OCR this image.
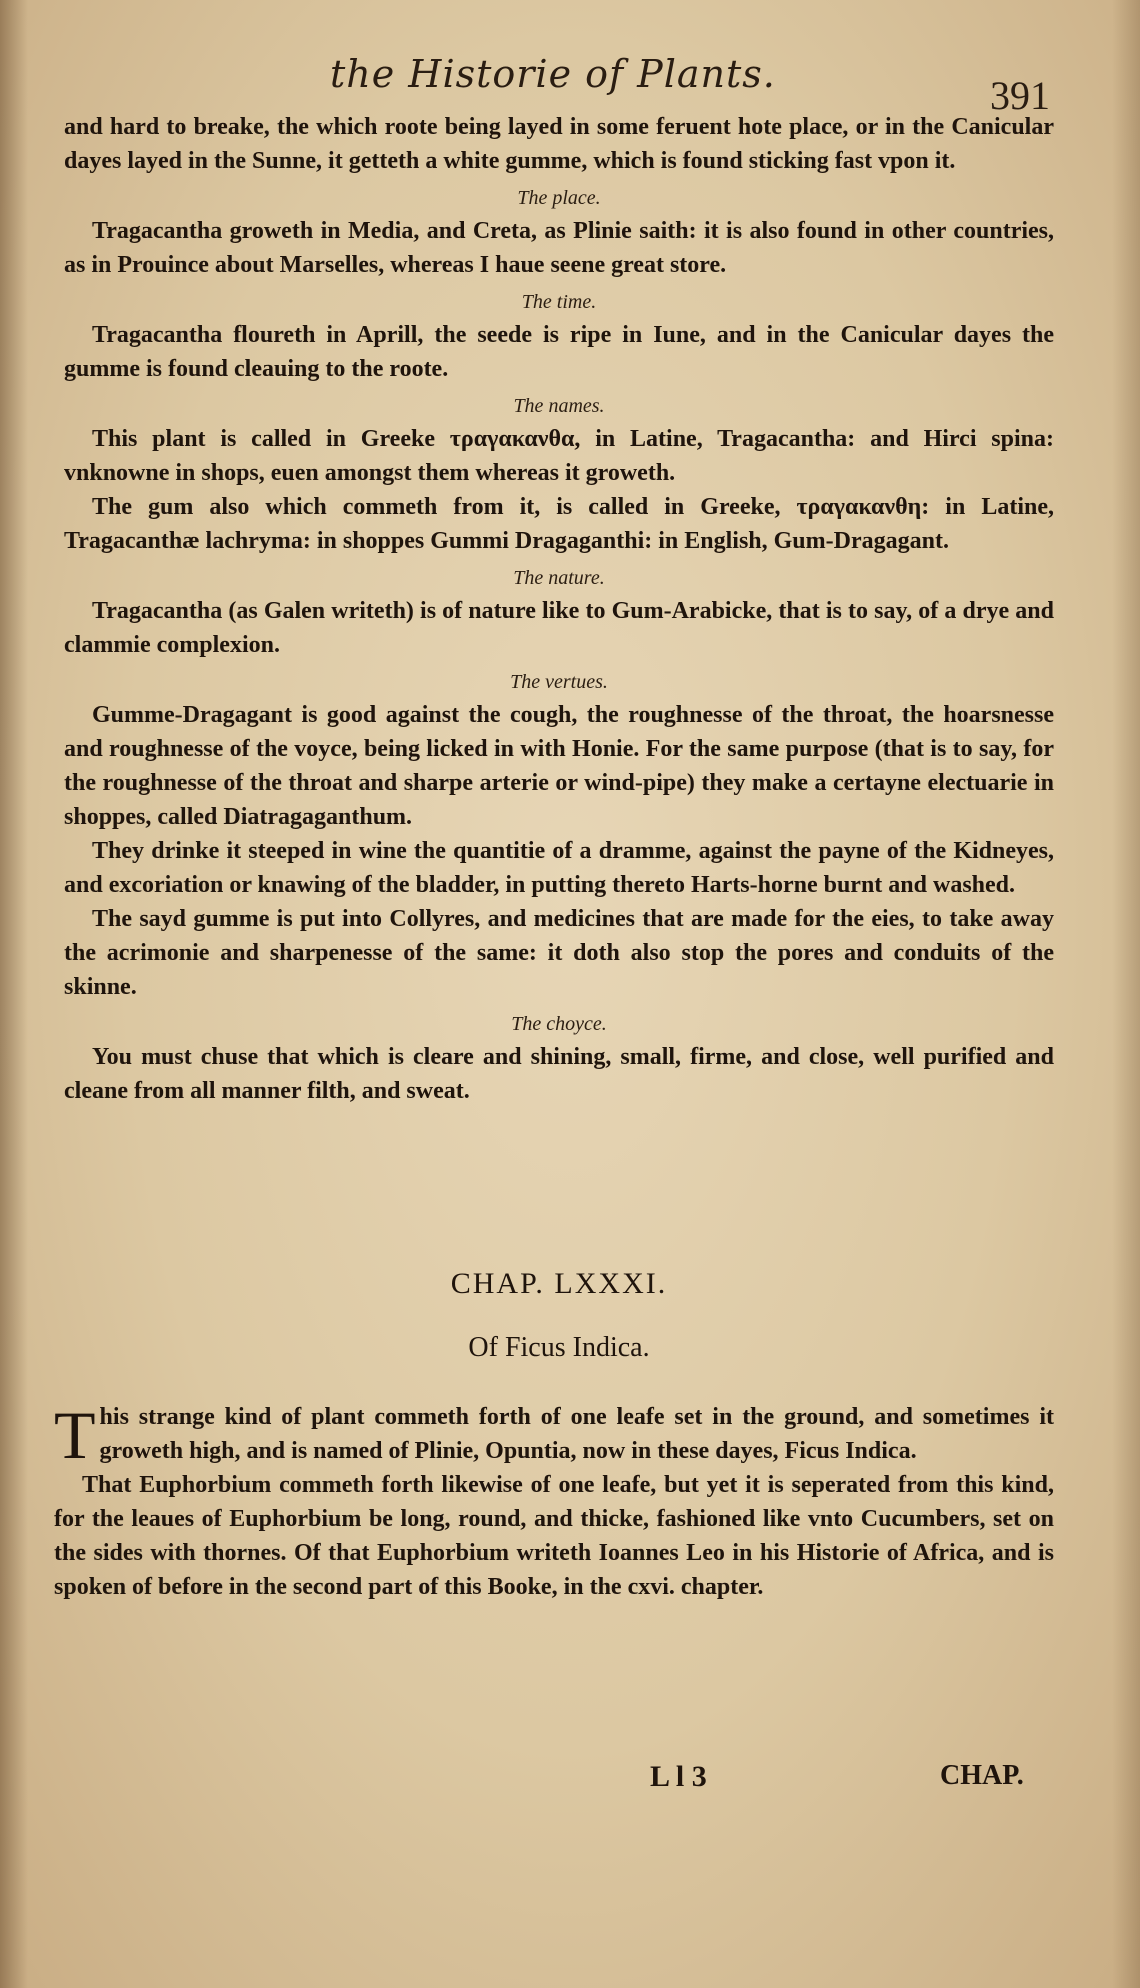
the Historie of Plants.	391

and hard to breake, the which roote being layed in some feruent hote place, or in the Canicular dayes layed in the Sunne, it getteth a white gumme, which is found sticking fast vpon it.

The place.

Tragacantha groweth in Media, and Creta, as Plinie saith: it is also found in other countries, as in Prouince about Marselles, whereas I haue seene great store.

The time.

Tragacantha floureth in Aprill, the seede is ripe in Iune, and in the Canicular dayes the gumme is found cleauing to the roote.

The names.

This plant is called in Greeke τραγακανθα, in Latine, Tragacantha: and Hirci spina: vnknowne in shops, euen amongst them whereas it groweth.

The gum also which commeth from it, is called in Greeke, τραγακανθη: in Latine, Tragacanthæ lachryma: in shoppes Gummi Dragaganthi: in English, Gum-Dragagant.

The nature.

Tragacantha (as Galen writeth) is of nature like to Gum-Arabicke, that is to say, of a drye and clammie complexion.

The vertues.

Gumme-Dragagant is good against the cough, the roughnesse of the throat, the hoarsnesse and roughnesse of the voyce, being licked in with Honie. For the same purpose (that is to say, for the roughnesse of the throat and sharpe arterie or wind-pipe) they make a certayne electuarie in shoppes, called Diatragaganthum.

They drinke it steeped in wine the quantitie of a dramme, against the payne of the Kidneyes, and excoriation or knawing of the bladder, in putting thereto Harts-horne burnt and washed.

The sayd gumme is put into Collyres, and medicines that are made for the eies, to take away the acrimonie and sharpenesse of the same: it doth also stop the pores and conduits of the skinne.

The choyce.

You must chuse that which is cleare and shining, small, firme, and close, well purified and cleane from all manner filth, and sweat.

CHAP. LXXXI.
Of Ficus Indica.
T his strange kind of plant commeth forth of one leafe set in the ground, and sometimes it groweth high, and is named of Plinie, Opuntia, now in these dayes, Ficus Indica.

That Euphorbium commeth forth likewise of one leafe, but yet it is seperated from this kind, for the leaues of Euphorbium be long, round, and thicke, fashioned like vnto Cucumbers, set on the sides with thornes. Of that Euphorbium writeth Ioannes Leo in his Historie of Africa, and is spoken of before in the second part of this Booke, in the cxvi. chapter.

L l 3	CHAP.
